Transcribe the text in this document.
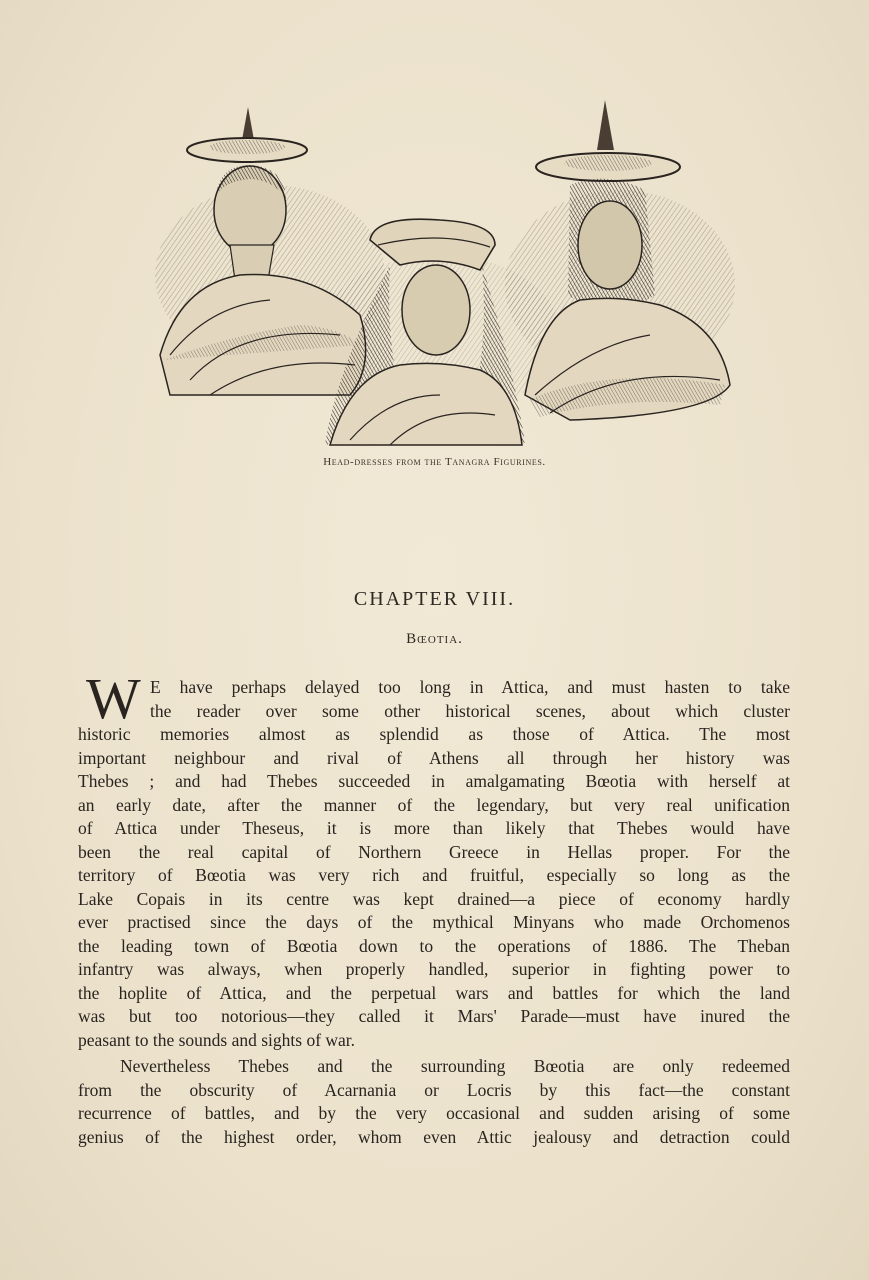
Head-dresses from the Tanagra Figurines.
CHAPTER VIII.
Bœotia.
W E have perhaps delayed too long in Attica, and must hasten to take
the reader over some other historical scenes, about which cluster
historic memories almost as splendid as those of Attica. The most
important neighbour and rival of Athens all through her history was
Thebes ; and had Thebes succeeded in amalgamating Bœotia with herself at
an early date, after the manner of the legendary, but very real unification
of Attica under Theseus, it is more than likely that Thebes would have
been the real capital of Northern Greece in Hellas proper. For the
territory of Bœotia was very rich and fruitful, especially so long as the
Lake Copais in its centre was kept drained—a piece of economy hardly
ever practised since the days of the mythical Minyans who made Orchomenos
the leading town of Bœotia down to the operations of 1886. The Theban
infantry was always, when properly handled, superior in fighting power to
the hoplite of Attica, and the perpetual wars and battles for which the land
was but too notorious—they called it Mars' Parade—must have inured the
peasant to the sounds and sights of war.
Nevertheless Thebes and the surrounding Bœotia are only redeemed
from the obscurity of Acarnania or Locris by this fact—the constant
recurrence of battles, and by the very occasional and sudden arising of some
genius of the highest order, whom even Attic jealousy and detraction could
